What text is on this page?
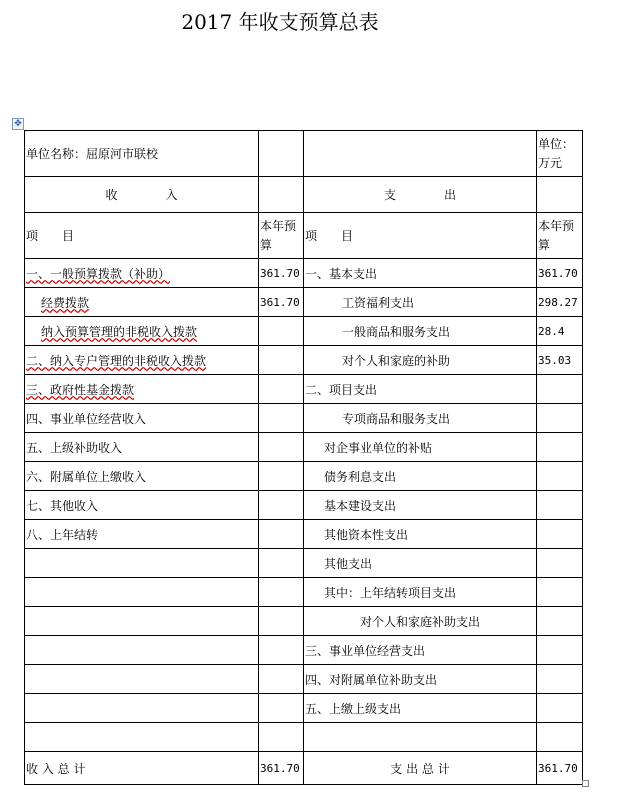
2017 年收支预算总表
✥
单位名称：屈原河市联校			单位：万元
收　　　　入		支　　　　出	
项　　目	本年预算	项　　目	本年预算
一、一般预算拨款（补助）	361.70	一、基本支出	361.70
经费拨款	361.70	工资福利支出	298.27
纳入预算管理的非税收入拨款		一般商品和服务支出	28.4
二、纳入专户管理的非税收入拨款		对个人和家庭的补助	35.03
三、政府性基金拨款		二、项目支出	
四、事业单位经营收入		专项商品和服务支出	
五、上级补助收入		对企事业单位的补贴	
六、附属单位上缴收入		债务利息支出	
七、其他收入		基本建设支出	
八、上年结转		其他资本性支出	
		其他支出	
		其中：上年结转项目支出	
		对个人和家庭补助支出	
		三、事业单位经营支出	
		四、对附属单位补助支出	
		五、上缴上级支出	

收 入 总 计	361.70	支 出 总 计	361.70
